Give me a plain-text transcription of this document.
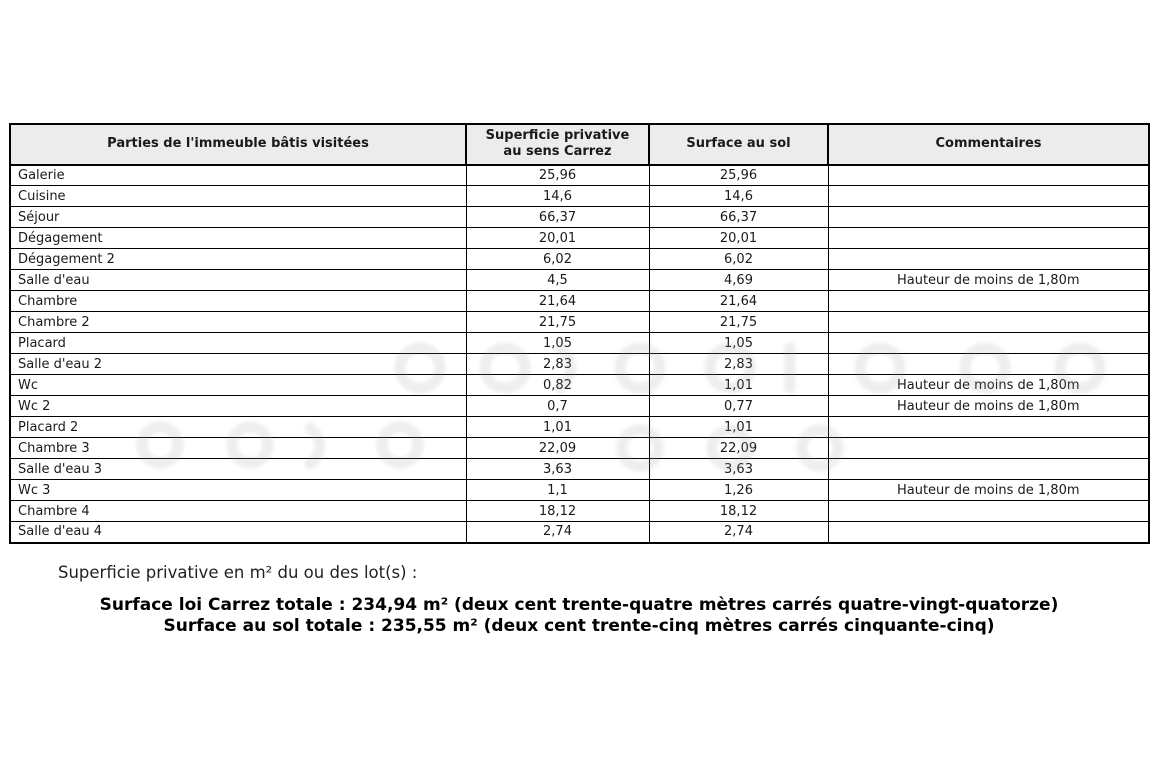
Parties de l'immeuble bâtis visitées	Superficie privative au sens Carrez	Surface au sol	Commentaires
Galerie	25,96	25,96	
Cuisine	14,6	14,6	
Séjour	66,37	66,37	
Dégagement	20,01	20,01	
Dégagement 2	6,02	6,02	
Salle d'eau	4,5	4,69	Hauteur de moins de 1,80m
Chambre	21,64	21,64	
Chambre 2	21,75	21,75	
Placard	1,05	1,05	
Salle d'eau 2	2,83	2,83	
Wc	0,82	1,01	Hauteur de moins de 1,80m
Wc 2	0,7	0,77	Hauteur de moins de 1,80m
Placard 2	1,01	1,01	
Chambre 3	22,09	22,09	
Salle d'eau 3	3,63	3,63	
Wc 3	1,1	1,26	Hauteur de moins de 1,80m
Chambre 4	18,12	18,12	
Salle d'eau 4	2,74	2,74	
Superficie privative en m² du ou des lot(s) :
Surface loi Carrez totale : 234,94 m² (deux cent trente-quatre mètres carrés quatre-vingt-quatorze)
Surface au sol totale : 235,55 m² (deux cent trente-cinq mètres carrés cinquante-cinq)
